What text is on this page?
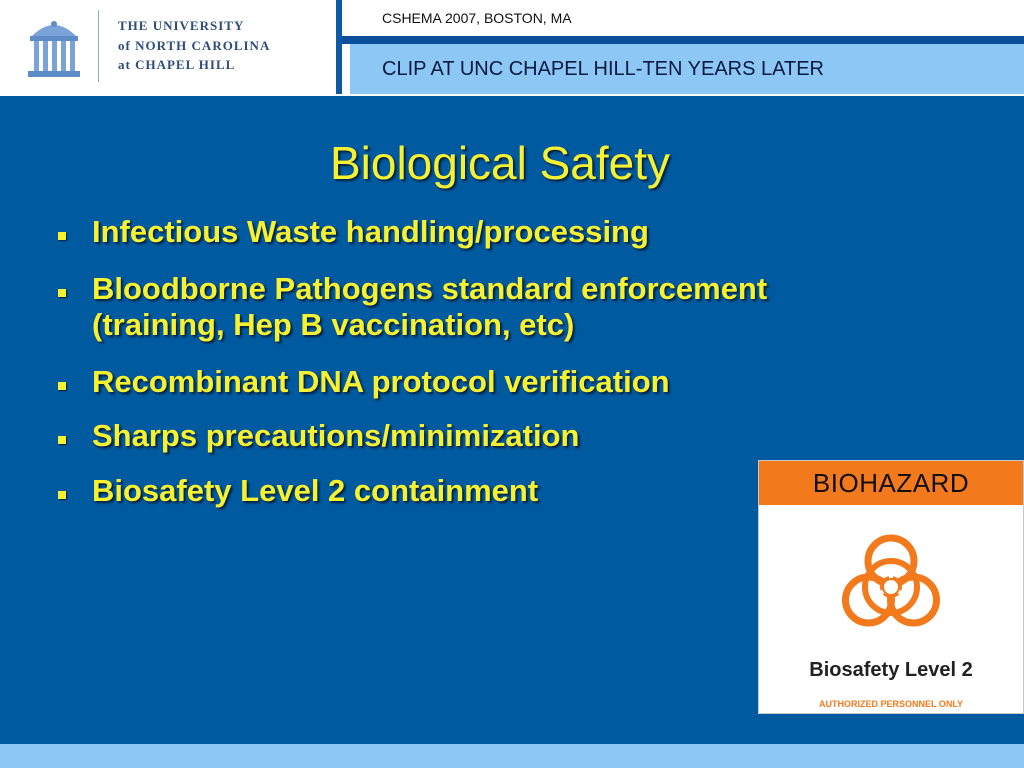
THE UNIVERSITY
of NORTH CAROLINA
at CHAPEL HILL
CSHEMA 2007, BOSTON, MA
CLIP AT UNC CHAPEL HILL-TEN YEARS LATER
Biological Safety
Infectious Waste handling/processing
Bloodborne Pathogens standard enforcement
(training, Hep B vaccination, etc)
Recombinant DNA protocol verification
Sharps precautions/minimization
Biosafety Level 2 containment	BIOHAZARD
Biosafety Level 2
AUTHORIZED PERSONNEL ONLY
